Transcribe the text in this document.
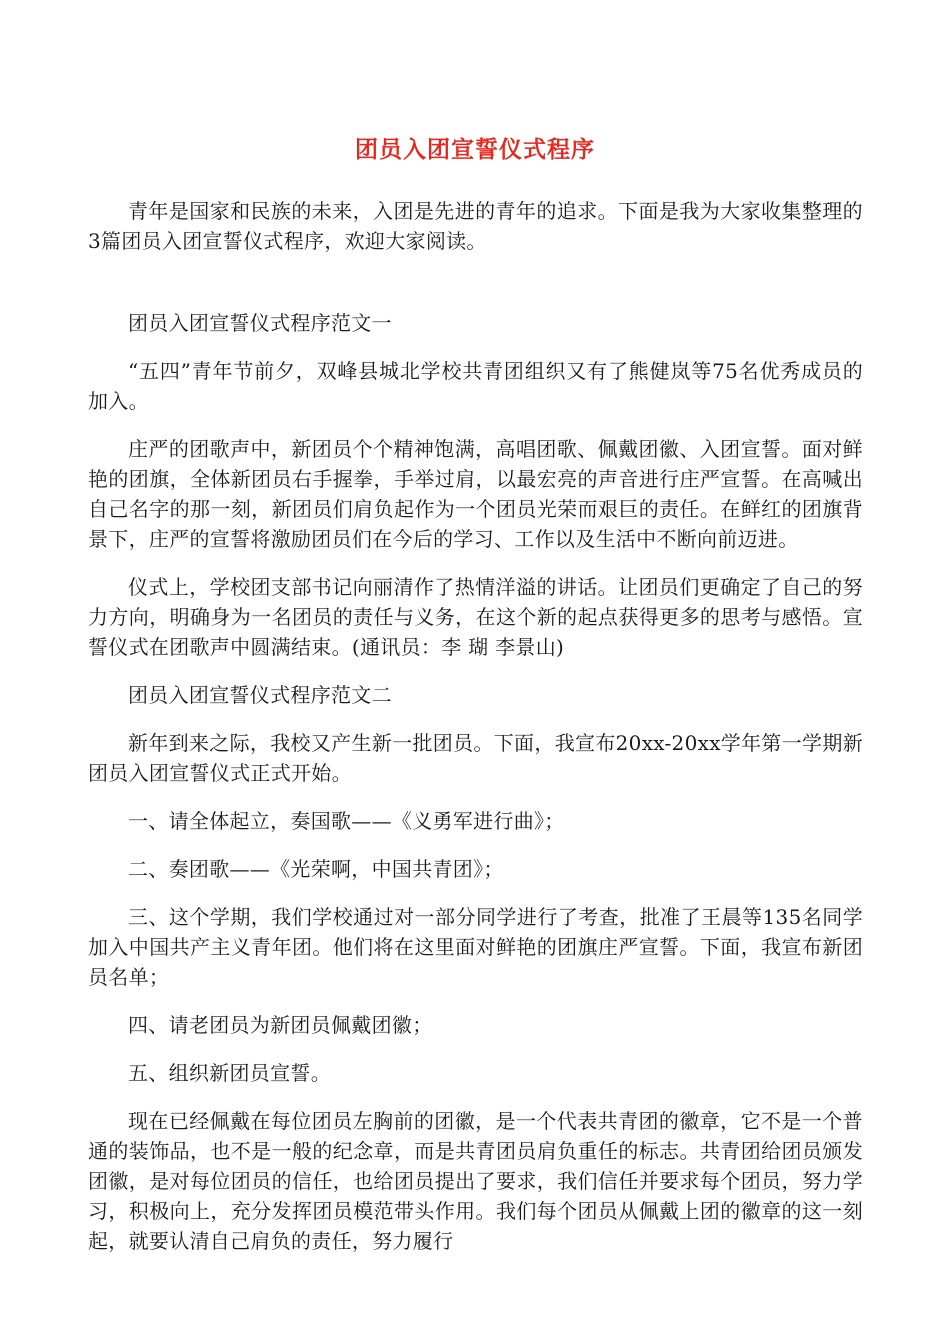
团员入团宣誓仪式程序

青年是国家和民族的未来，入团是先进的青年的追求。下面是我为大家收集整理的3篇团员入团宣誓仪式程序，欢迎大家阅读。

团员入团宣誓仪式程序范文一

“五四”青年节前夕，双峰县城北学校共青团组织又有了熊健岚等75名优秀成员的加入。

庄严的团歌声中，新团员个个精神饱满，高唱团歌、佩戴团徽、入团宣誓。面对鲜艳的团旗，全体新团员右手握拳，手举过肩，以最宏亮的声音进行庄严宣誓。在高喊出自己名字的那一刻，新团员们肩负起作为一个团员光荣而艰巨的责任。在鲜红的团旗背景下，庄严的宣誓将激励团员们在今后的学习、工作以及生活中不断向前迈进。

仪式上，学校团支部书记向丽清作了热情洋溢的讲话。让团员们更确定了自己的努力方向，明确身为一名团员的责任与义务，在这个新的起点获得更多的思考与感悟。宣誓仪式在团歌声中圆满结束。(通讯员：李 瑚 李景山)

团员入团宣誓仪式程序范文二

新年到来之际，我校又产生新一批团员。下面，我宣布20xx-20xx学年第一学期新团员入团宣誓仪式正式开始。

一、请全体起立，奏国歌——《义勇军进行曲》；

二、奏团歌——《光荣啊，中国共青团》；

三、这个学期，我们学校通过对一部分同学进行了考查，批准了王晨等135名同学加入中国共产主义青年团。他们将在这里面对鲜艳的团旗庄严宣誓。下面，我宣布新团员名单；

四、请老团员为新团员佩戴团徽；

五、组织新团员宣誓。

现在已经佩戴在每位团员左胸前的团徽，是一个代表共青团的徽章，它不是一个普通的装饰品，也不是一般的纪念章，而是共青团员肩负重任的标志。共青团给团员颁发团徽，是对每位团员的信任，也给团员提出了要求，我们信任并要求每个团员，努力学习，积极向上，充分发挥团员模范带头作用。我们每个团员从佩戴上团的徽章的这一刻起，就要认清自己肩负的责任，努力履行
